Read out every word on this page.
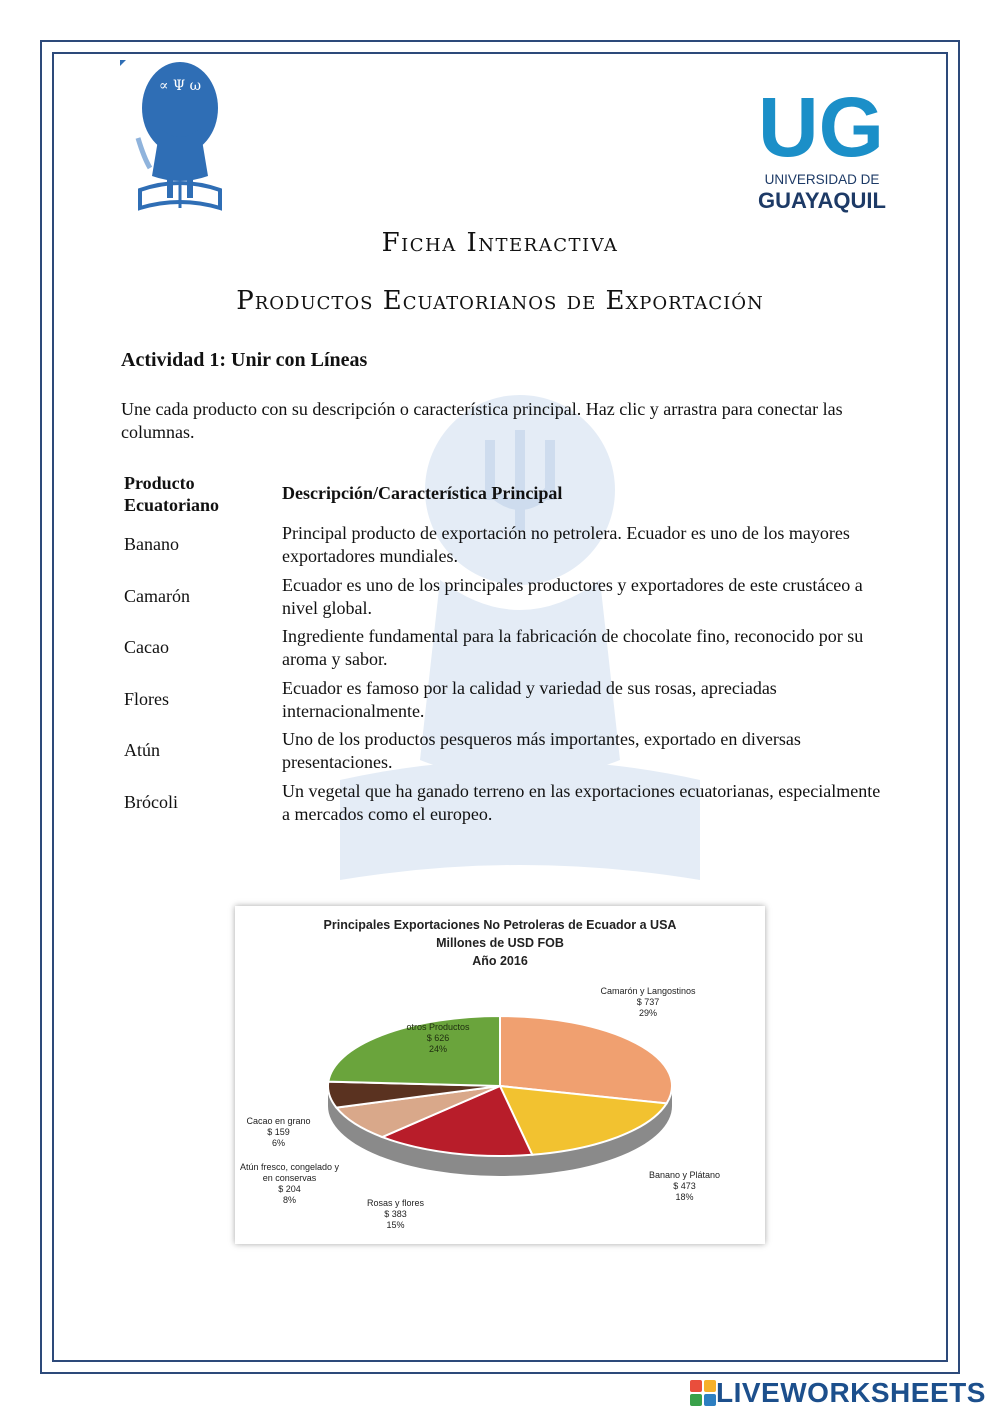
∝ Ψ ω	UG
UNIVERSIDAD DE
GUAYAQUIL
Ficha Interactiva
Productos Ecuatorianos de Exportación
Actividad 1: Unir con Líneas
Une cada producto con su descripción o característica principal. Haz clic y arrastra para conectar las columnas.
Producto Ecuatoriano
Descripción/Característica Principal
Banano
Camarón
Cacao
Flores
Atún
Brócoli
Principal producto de exportación no petrolera. Ecuador es uno de los mayores exportadores mundiales.
Ecuador es uno de los principales productores y exportadores de este crustáceo a nivel global.
Ingrediente fundamental para la fabricación de chocolate fino, reconocido por su aroma y sabor.
Ecuador es famoso por la calidad y variedad de sus rosas, apreciadas internacionalmente.
Uno de los productos pesqueros más importantes, exportado en diversas presentaciones.
Un vegetal que ha ganado terreno en las exportaciones ecuatorianas, especialmente a mercados como el europeo.
Principales Exportaciones No Petroleras de Ecuador a USA
Millones de USD FOB
Año 2016
Camarón y Langostinos
$ 737
29%
Banano y Plátano
$ 473
18%
Rosas y flores
$ 383
15%
Atún fresco, congelado y en conservas
$ 204
8%
Cacao en grano
$ 159
6%
otros Productos
$ 626
24%
LIVEWORKSHEETS
